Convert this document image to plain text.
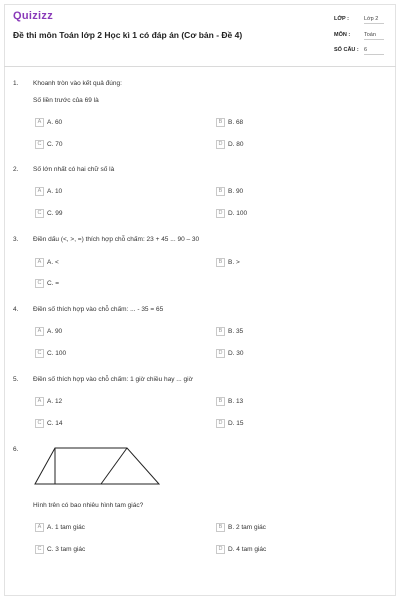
Quizizz
Đề thi môn Toán lớp 2 Học kì 1 có đáp án (Cơ bản - Đề 4)
LỚP :	Lớp 2
MÔN :	Toán
SỐ CÂU : 6
1. Khoanh tròn vào kết quả đúng:
Số liền trước của 69 là
A A. 60	B B. 68
C C. 70	D D. 80
2. Số lớn nhất có hai chữ số là
A A. 10	B B. 90
C C. 99	D D. 100
3. Điền dấu (<, >, =) thích hợp chỗ chấm: 23 + 45 ... 90 – 30
A A. <	B B. >
C C. =
4. Điền số thích hợp vào chỗ chấm: ... - 35 = 65
A A. 90	B B. 35
C C. 100	D D. 30
5. Điền số thích hợp vào chỗ chấm: 1 giờ chiều hay ... giờ
A A. 12	B B. 13
C C. 14	D D. 15
6.
Hình trên có bao nhiêu hình tam giác?
A A. 1 tam giác	B B. 2 tam giác
C C. 3 tam giác	D D. 4 tam giác
